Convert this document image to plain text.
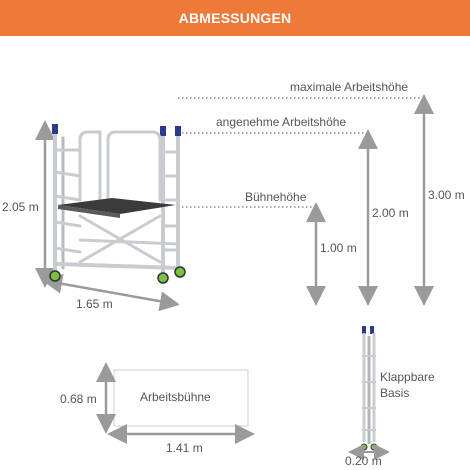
ABMESSUNGEN
maximale Arbeitshöhe
angenehme Arbeitshöhe
Bühnehöhe	3.00 m
2.00 m
1.00 m
2.05 m
1.65 m
Arbeitsbühne
0.68 m
1.41 m
Klappbare
Basis
0.20 m
